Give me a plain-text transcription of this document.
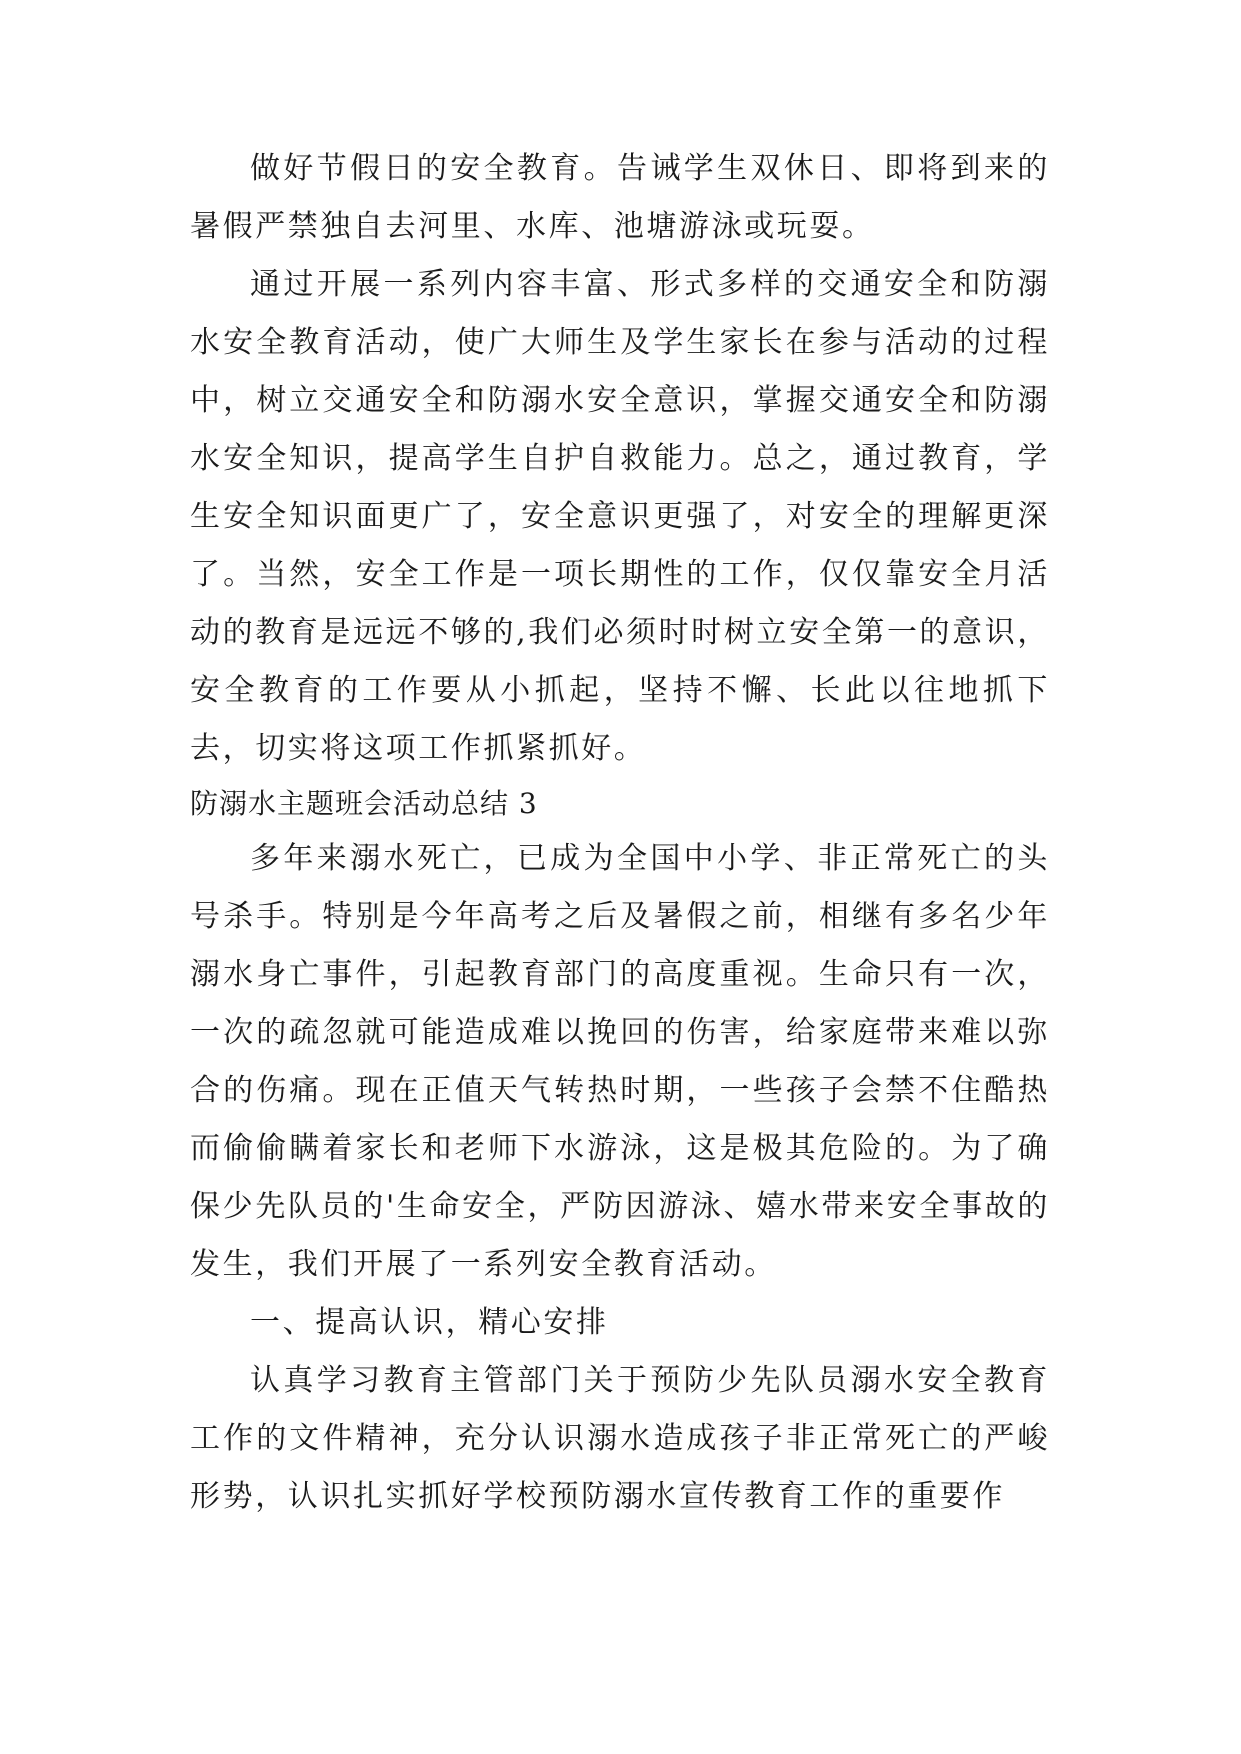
做好节假日的安全教育。告诫学生双休日、即将到来的暑假严禁独自去河里、水库、池塘游泳或玩耍。

通过开展一系列内容丰富、形式多样的交通安全和防溺水安全教育活动，使广大师生及学生家长在参与活动的过程中，树立交通安全和防溺水安全意识，掌握交通安全和防溺水安全知识，提高学生自护自救能力。总之，通过教育，学生安全知识面更广了，安全意识更强了，对安全的理解更深了。当然，安全工作是一项长期性的工作，仅仅靠安全月活动的教育是远远不够的,我们必须时时树立安全第一的意识，安全教育的工作要从小抓起，坚持不懈、长此以往地抓下去，切实将这项工作抓紧抓好。

防溺水主题班会活动总结 3

多年来溺水死亡，已成为全国中小学、非正常死亡的头号杀手。特别是今年高考之后及暑假之前，相继有多名少年溺水身亡事件，引起教育部门的高度重视。生命只有一次，一次的疏忽就可能造成难以挽回的伤害，给家庭带来难以弥合的伤痛。现在正值天气转热时期，一些孩子会禁不住酷热而偷偷瞒着家长和老师下水游泳，这是极其危险的。为了确保少先队员的'生命安全，严防因游泳、嬉水带来安全事故的发生，我们开展了一系列安全教育活动。

一、提高认识，精心安排

认真学习教育主管部门关于预防少先队员溺水安全教育工作的文件精神，充分认识溺水造成孩子非正常死亡的严峻形势，认识扎实抓好学校预防溺水宣传教育工作的重要作
